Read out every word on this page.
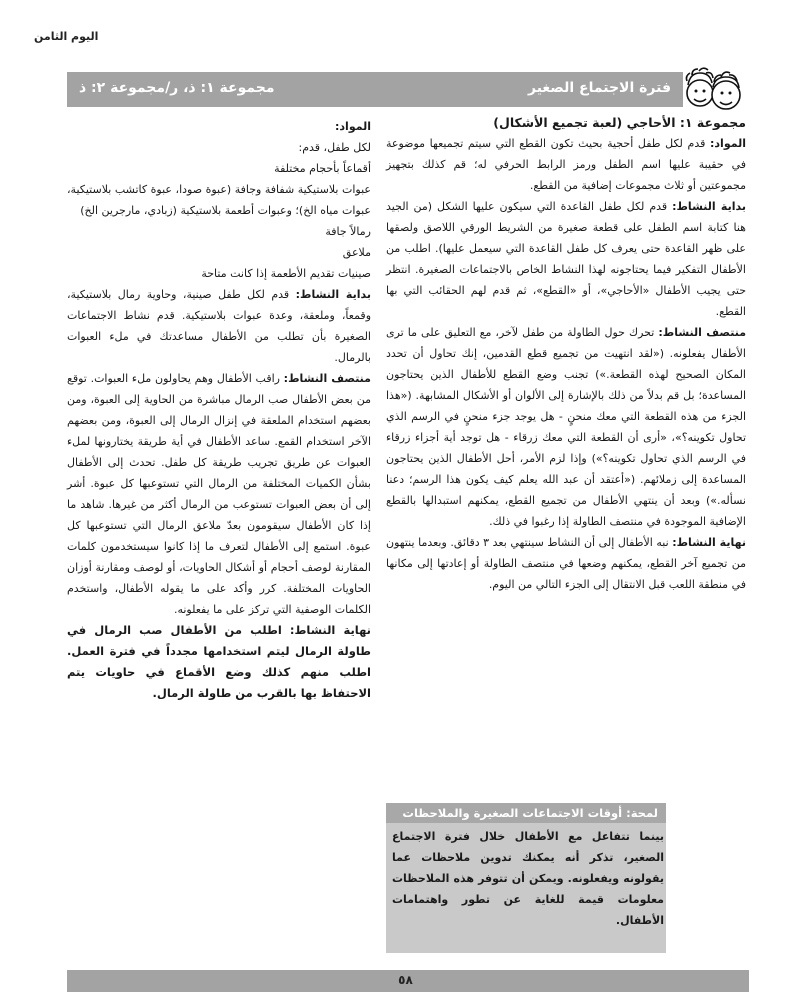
اليوم الثامن
فترة الاجتماع الصغير
مجموعة ١: ذ، ر/مجموعة ٢: ذ

مجموعة ١: الأحاجي (لعبة تجميع الأشكال)

المواد: قدم لكل طفل أحجية بحيث تكون القطع التي سيتم تجميعها موضوعة في حقيبة عليها اسم الطفل ورمز الرابط الحرفي له؛ قم كذلك بتجهيز مجموعتين أو ثلاث مجموعات إضافية من القطع.

بداية النشاط: قدم لكل طفل القاعدة التي سيكون عليها الشكل (من الجيد هنا كتابة اسم الطفل على قطعة صغيرة من الشريط الورقي اللاصق ولصقها على ظهر القاعدة حتى يعرف كل طفل القاعدة التي سيعمل عليها). اطلب من الأطفال التفكير فيما يحتاجونه لهذا النشاط الخاص بالاجتماعات الصغيرة. انتظر حتى يجيب الأطفال «الأحاجي»، أو «القطع»، ثم قدم لهم الحقائب التي بها القطع.

منتصف النشاط: تحرك حول الطاولة من طفل لآخر، مع التعليق على ما ترى الأطفال يفعلونه. («لقد انتهيت من تجميع قطع القدمين، إنك تحاول أن تحدد المكان الصحيح لهذه القطعة.») تجنب وضع القطع للأطفال الذين يحتاجون المساعدة؛ بل قم بدلاً من ذلك بالإشارة إلى الألوان أو الأشكال المشابهة. («هذا الجزء من هذه القطعة التي معك منحنٍ - هل يوجد جزء منحنٍ في الرسم الذي تحاول تكوينه؟»، «أرى أن القطعة التي معك زرقاء - هل توجد أية أجزاء زرقاء في الرسم الذي تحاول تكوينه؟») وإذا لزم الأمر، أحل الأطفال الذين يحتاجون المساعدة إلى زملائهم. («أعتقد أن عبد الله يعلم كيف يكون هذا الرسم؛ دعنا نسأله.») وبعد أن ينتهي الأطفال من تجميع القطع، يمكنهم استبدالها بالقطع الإضافية الموجودة في منتصف الطاولة إذا رغبوا في ذلك.

نهاية النشاط: نبه الأطفال إلى أن النشاط سينتهي بعد ٣ دقائق. وبعدما ينتهون من تجميع آخر القطع، يمكنهم وضعها في منتصف الطاولة أو إعادتها إلى مكانها في منطقة اللعب قبل الانتقال إلى الجزء التالي من اليوم.

المواد:

لكل طفل، قدم:

أقماعاً بأحجام مختلفة

عبوات بلاستيكية شفافة وجافة (عبوة صودا، عبوة كاتشب بلاستيكية، عبوات مياه الخ)؛ وعبوات أطعمة بلاستيكية (زبادي، مارجرين الخ)

رمالاً جافة

ملاعق

صينيات تقديم الأطعمة إذا كانت متاحة

بداية النشاط: قدم لكل طفل صينية، وحاوية رمال بلاستيكية، وقمعاً، وملعقة، وعدة عبوات بلاستيكية. قدم نشاط الاجتماعات الصغيرة بأن تطلب من الأطفال مساعدتك في ملء العبوات بالرمال.

منتصف النشاط: راقب الأطفال وهم يحاولون ملء العبوات. توقع من بعض الأطفال صب الرمال مباشرة من الحاوية إلى العبوة، ومن بعضهم استخدام الملعقة في إنزال الرمال إلى العبوة، ومن بعضهم الآخر استخدام القمع. ساعد الأطفال في أية طريقة يختارونها لملء العبوات عن طريق تجريب طريقة كل طفل. تحدث إلى الأطفال بشأن الكميات المختلفة من الرمال التي تستوعبها كل عبوة. أشر إلى أن بعض العبوات تستوعب من الرمال أكثر من غيرها. شاهد ما إذا كان الأطفال سيقومون بعدّ ملاعق الرمال التي تستوعبها كل عبوة. استمع إلى الأطفال لتعرف ما إذا كانوا سيستخدمون كلمات المقارنة لوصف أحجام أو أشكال الحاويات، أو لوصف ومقارنة أوزان الحاويات المختلفة. كرر وأكد على ما يقوله الأطفال، واستخدم الكلمات الوصفية التي تركز على ما يفعلونه.

نهاية النشاط: اطلب من الأطفال صب الرمال في طاولة الرمال ليتم استخدامها مجدداً في فترة العمل. اطلب منهم كذلك وضع الأقماع في حاويات يتم الاحتفاظ بها بالقرب من طاولة الرمال.

لمحة: أوقات الاجتماعات الصغيرة والملاحظات
بينما تتفاعل مع الأطفال خلال فترة الاجتماع الصغير، تذكر أنه يمكنك تدوين ملاحظات عما يقولونه ويفعلونه. ويمكن أن تتوفر هذه الملاحظات معلومات قيمة للغاية عن تطور واهتمامات الأطفال.
٥٨
